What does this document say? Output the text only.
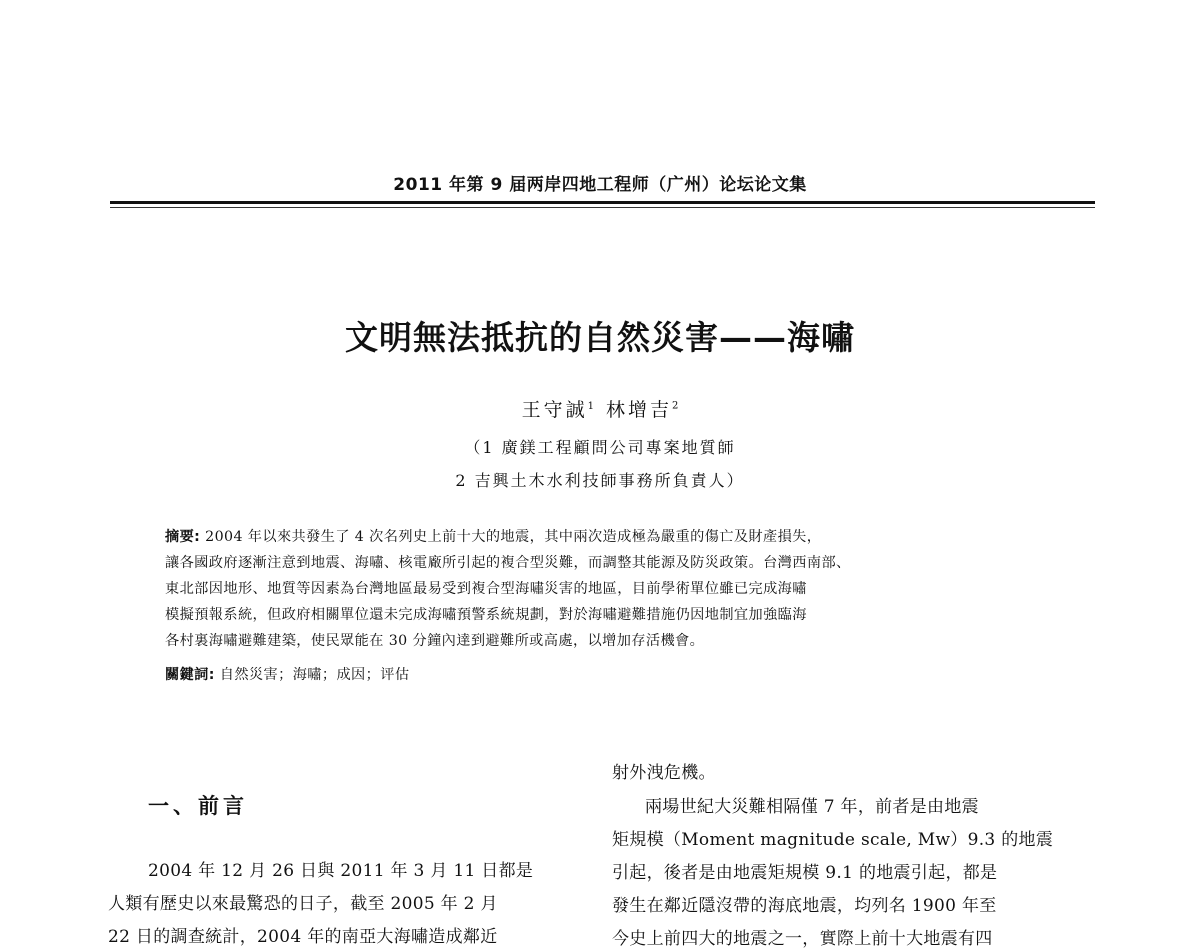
2011 年第 9 届两岸四地工程师（广州）论坛论文集
文明無法抵抗的自然災害——海嘯
王守誠$^1$ 林增吉$^2$
（1 廣鎂工程顧問公司專案地質師
2 吉興土木水利技師事務所負責人）
摘要: 2004 年以來共發生了 4 次名列史上前十大的地震，其中兩次造成極為嚴重的傷亡及財產損失，
讓各國政府逐漸注意到地震、海嘯、核電廠所引起的複合型災難，而調整其能源及防災政策。台灣西南部、
東北部因地形、地質等因素為台灣地區最易受到複合型海嘯災害的地區，目前學術單位雖已完成海嘯
模擬預報系統，但政府相關單位還未完成海嘯預警系統規劃，對於海嘯避難措施仍因地制宜加強臨海
各村裏海嘯避難建築，使民眾能在 30 分鐘內達到避難所或高處，以增加存活機會。
關鍵詞: 自然災害；海嘯；成因；评估
一、前言
2004 年 12 月 26 日與 2011 年 3 月 11 日都是
人類有歷史以來最驚恐的日子，截至 2005 年 2 月
22 日的調查統計，2004 年的南亞大海嘯造成鄰近
射外洩危機。
兩場世紀大災難相隔僅 7 年，前者是由地震
矩規模（Moment magnitude scale, Mw）9.3 的地震
引起，後者是由地震矩規模 9.1 的地震引起，都是
發生在鄰近隱沒帶的海底地震，均列名 1900 年至
今史上前四大的地震之一，實際上前十大地震有四
